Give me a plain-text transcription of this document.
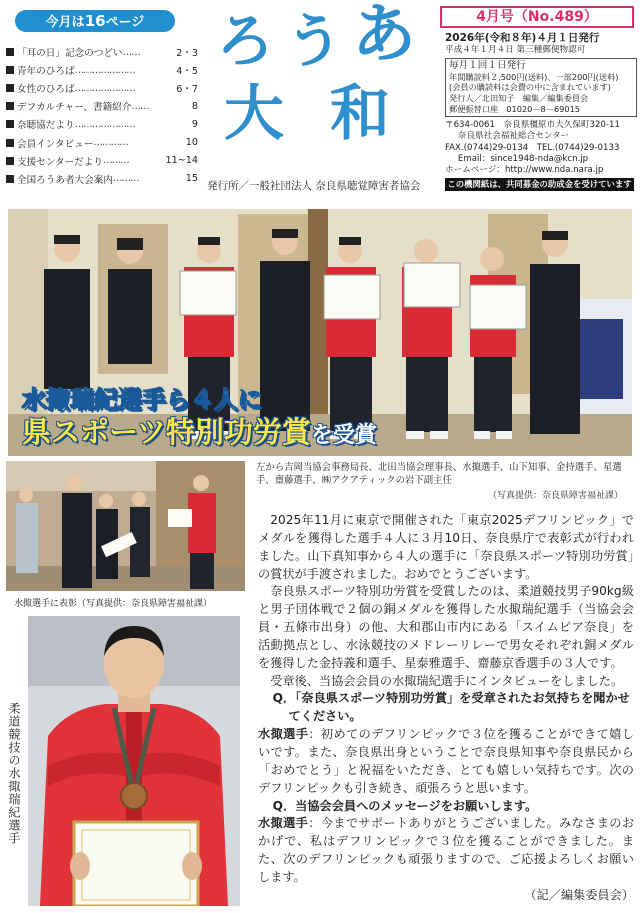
今月は16ページ
「耳の日」記念のつどい ……	2・3
青年のひろば …………………	4・5
女性のひろば …………………	6・7
デフカルチャー、書籍紹介 ……	8
奈聴協だより …………………	9
会員インタビュー …………	10
支援センターだより ………	11~14
全国ろうあ者大会案内 ………	15
ろ う あ
大 和
発行所／一般社団法人 奈良県聴覚障害者協会
4月号（No.489）
2026年(令和８年)４月１日発行
平成４年１月４日 第三種郵便物認可
毎月１回１日発行
年間購読料２,500円(送料)、一部200円(送料)
(会員の購読料は会費の中に含まれています)
発行人／北田知子　編集／編集委員会
郵便振替口座　01020－8－69015
〒634-0061　奈良県橿原市大久保町320-11
奈良県社会福祉総合センター
FAX.(0744)29-0134　TEL.(0744)29-0133
Email：since1948-nda@kcn.jp
ホームページ：http://www.nda.nara.jp
この機関紙は、共同募金の助成金を受けています
水掫瑞紀選手ら４人に
県スポーツ特別功労賞を受賞
左から吉岡当協会事務局長、北田当協会理事長、水掫選手、山下知事、金持選手、星選手、齋藤選手、㈱アクアティックの岩下副主任
（写真提供：奈良県障害福祉課）
水掫選手に表彰（写真提供：奈良県障害福祉課）
柔道競技の水掫瑞紀選手

2025年11月に東京で開催された「東京2025デフリンピック」でメダルを獲得した選手４人に３月10日、奈良県庁で表彰式が行われました。山下真知事から４人の選手に「奈良県スポーツ特別功労賞」の賞状が手渡されました。おめでとうございます。

奈良県スポーツ特別功労賞を受賞したのは、柔道競技男子90kg級と男子団体戦で２個の銅メダルを獲得した水掫瑞紀選手（当協会会員・五條市出身）の他、大和郡山市内にある「スイムピア奈良」を活動拠点とし、水泳競技のメドレーリレーで男女それぞれ銅メダルを獲得した金持義和選手、星泰雅選手、齋藤京香選手の３人です。

受章後、当協会会員の水掫瑞紀選手にインタビューをしました。

Q．「奈良県スポーツ特別功労賞」を受章されたお気持ちを聞かせ

てください。

水掫選手：初めてのデフリンピックで３位を獲ることができて嬉しいです。また、奈良県出身ということで奈良県知事や奈良県民から「おめでとう」と祝福をいただき、とても嬉しい気持ちです。次のデフリンピックも引き続き、頑張ろうと思います。

Q．当協会会員へのメッセージをお願いします。

水掫選手：今までサポートありがとうございました。みなさまのおかげで、私はデフリンピックで３位を獲ることができました。また、次のデフリンピックも頑張りますので、ご応援よろしくお願いします。

（記／編集委員会）
